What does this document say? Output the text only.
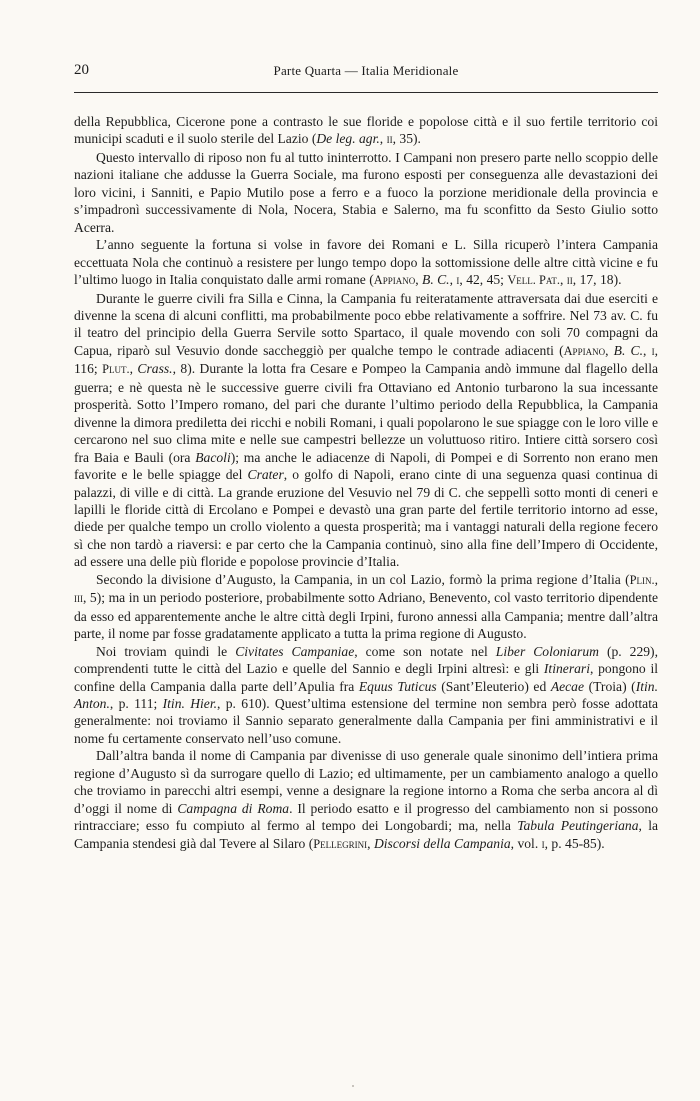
20	Parte Quarta — Italia Meridionale

della Repubblica, Cicerone pone a contrasto le sue floride e popolose città e il suo fertile territorio coi municipi scaduti e il suolo sterile del Lazio (De leg. agr., ii, 35).

Questo intervallo di riposo non fu al tutto ininterrotto. I Campani non presero parte nello scoppio delle nazioni italiane che addusse la Guerra Sociale, ma furono esposti per conseguenza alle devastazioni dei loro vicini, i Sanniti, e Papio Mutilo pose a ferro e a fuoco la porzione meridionale della provincia e s’impadronì successivamente di Nola, Nocera, Stabia e Salerno, ma fu sconfitto da Sesto Giulio sotto Acerra.

L’anno seguente la fortuna si volse in favore dei Romani e L. Silla ricuperò l’intera Campania eccettuata Nola che continuò a resistere per lungo tempo dopo la sottomissione delle altre città vicine e fu l’ultimo luogo in Italia conquistato dalle armi romane (Appiano, B. C., i, 42, 45; Vell. Pat., ii, 17, 18).

Durante le guerre civili fra Silla e Cinna, la Campania fu reiteratamente attraversata dai due eserciti e divenne la scena di alcuni conflitti, ma probabilmente poco ebbe relativamente a soffrire. Nel 73 av. C. fu il teatro del principio della Guerra Servile sotto Spartaco, il quale movendo con soli 70 compagni da Capua, riparò sul Vesuvio donde saccheggiò per qualche tempo le contrade adiacenti (Appiano, B. C., i, 116; Plut., Crass., 8). Durante la lotta fra Cesare e Pompeo la Campania andò immune dal flagello della guerra; e nè questa nè le successive guerre civili fra Ottaviano ed Antonio turbarono la sua incessante prosperità. Sotto l’Impero romano, del pari che durante l’ultimo periodo della Repubblica, la Campania divenne la dimora prediletta dei ricchi e nobili Romani, i quali popolarono le sue spiagge con le loro ville e cercarono nel suo clima mite e nelle sue campestri bellezze un voluttuoso ritiro. Intiere città sorsero così fra Baia e Bauli (ora Bacoli); ma anche le adiacenze di Napoli, di Pompei e di Sorrento non erano men favorite e le belle spiagge del Crater, o golfo di Napoli, erano cinte di una seguenza quasi continua di palazzi, di ville e di città. La grande eruzione del Vesuvio nel 79 di C. che seppellì sotto monti di ceneri e lapilli le floride città di Ercolano e Pompei e devastò una gran parte del fertile territorio intorno ad esse, diede per qualche tempo un crollo violento a questa prosperità; ma i vantaggi naturali della regione fecero sì che non tardò a riaversi: e par certo che la Campania continuò, sino alla fine dell’Impero di Occidente, ad essere una delle più floride e popolose provincie d’Italia.

Secondo la divisione d’Augusto, la Campania, in un col Lazio, formò la prima regione d’Italia (Plin., iii, 5); ma in un periodo posteriore, probabilmente sotto Adriano, Benevento, col vasto territorio dipendente da esso ed apparentemente anche le altre città degli Irpini, furono annessi alla Campania; mentre dall’altra parte, il nome par fosse gradatamente applicato a tutta la prima regione di Augusto.

Noi troviam quindi le Civitates Campaniae, come son notate nel Liber Coloniarum (p. 229), comprendenti tutte le città del Lazio e quelle del Sannio e degli Irpini altresì: e gli Itinerari, pongono il confine della Campania dalla parte dell’Apulia fra Equus Tuticus (Sant’Eleuterio) ed Aecae (Troia) (Itin. Anton., p. 111; Itin. Hier., p. 610). Quest’ultima estensione del termine non sembra però fosse adottata generalmente: noi troviamo il Sannio separato generalmente dalla Campania per fini amministrativi e il nome fu certamente conservato nell’uso comune.

Dall’altra banda il nome di Campania par divenisse di uso generale quale sinonimo dell’intiera prima regione d’Augusto sì da surrogare quello di Lazio; ed ultimamente, per un cambiamento analogo a quello che troviamo in parecchi altri esempi, venne a designare la regione intorno a Roma che serba ancora al dì d’oggi il nome di Campagna di Roma. Il periodo esatto e il progresso del cambiamento non si possono rintracciare; esso fu compiuto al fermo al tempo dei Longobardi; ma, nella Tabula Peutingeriana, la Campania stendesi già dal Tevere al Silaro (Pellegrini, Discorsi della Campania, vol. i, p. 45-85).
